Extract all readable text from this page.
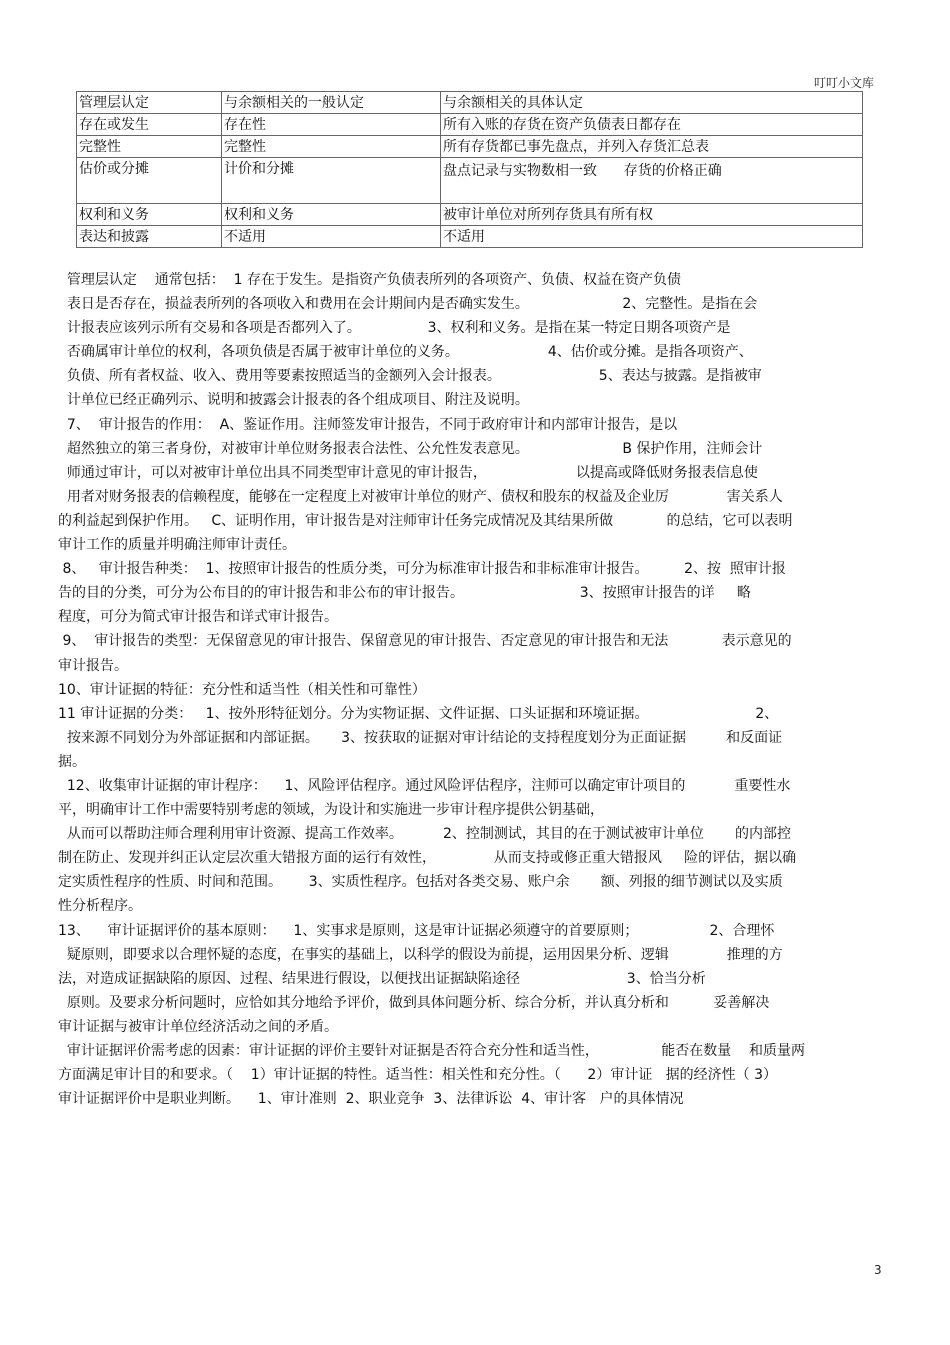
叮叮小文库
管理层认定	与余额相关的一般认定	与余额相关的具体认定
存在或发生	存在性	所有入账的存货在资产负债表日都存在
完整性	完整性	所有存货都已事先盘点，并列入存货汇总表
估价或分摊	计价和分摊	盘点记录与实物数相一致      存货的价格正确

权利和义务	权利和义务	被审计单位对所列存货具有所有权
表达和披露	不适用	不适用
管理层认定    通常包括：  1 存在于发生。是指资产负债表所列的各项资产、负债、权益在资产负债
表日是否存在，损益表所列的各项收入和费用在会计期间内是否确实发生。                     2、完整性。是指在会
计报表应该列示所有交易和各项是否都列入了。               3、权利和义务。是指在某一特定日期各项资产是
否确属审计单位的权利，各项负债是否属于被审计单位的义务。                    4、估价或分摊。是指各项资产、
负债、所有者权益、收入、费用等要素按照适当的金额列入会计报表。                      5、表达与披露。是指被审
计单位已经正确列示、说明和披露会计报表的各个组成项目、附注及说明。
7、  审计报告的作用：  A、鉴证作用。注师签发审计报告，不同于政府审计和内部审计报告，是以
超然独立的第三者身份，对被审计单位财务报表合法性、公允性发表意见。                     B 保护作用，注师会计
师通过审计，可以对被审计单位出具不同类型审计意见的审计报告，                    以提高或降低财务报表信息使
用者对财务报表的信赖程度，能够在一定程度上对被审计单位的财产、债权和股东的权益及企业厉             害关系人
的利益起到保护作用。   C、证明作用，审计报告是对注师审计任务完成情况及其结果所做            的总结，它可以表明
审计工作的质量并明确注师审计责任。
8、   审计报告种类：  1、按照审计报告的性质分类，可分为标准审计报告和非标准审计报告。        2、按  照审计报
告的目的分类，可分为公布目的的审计报告和非公布的审计报告。                          3、按照审计报告的详     略
程度，可分为简式审计报告和详式审计报告。
9、  审计报告的类型：无保留意见的审计报告、保留意见的审计报告、否定意见的审计报告和无法            表示意见的
审计报告。
10、审计证据的特征：充分性和适当性（相关性和可靠性）
11 审计证据的分类：   1、按外形特征划分。分为实物证据、文件证据、口头证据和环境证据。                        2、
按来源不同划分为外部证据和内部证据。     3、按获取的证据对审计结论的支持程度划分为正面证据         和反面证
据。
12、收集审计证据的审计程序：    1、风险评估程序。通过风险评估程序，注师可以确定审计项目的           重要性水
平，明确审计工作中需要特别考虑的领域，为设计和实施进一步审计程序提供公钥基础，
从而可以帮助注师合理利用审计资源、提高工作效率。         2、控制测试，其目的在于测试被审计单位       的内部控
制在防止、发现并纠正认定层次重大错报方面的运行有效性，             从而支持或修正重大错报风     险的评估，据以确
定实质性程序的性质、时间和范围。      3、实质性程序。包括对各类交易、账户余       额、列报的细节测试以及实质
性分析程序。
13、    审计证据评价的基本原则：    1、实事求是原则，这是审计证据必须遵守的首要原则；                2、合理怀
疑原则，即要求以合理怀疑的态度，在事实的基础上，以科学的假设为前提，运用因果分析、逻辑             推理的方
法，对造成证据缺陷的原因、过程、结果进行假设，以便找出证据缺陷途径                        3、恰当分析
原则。及要求分析问题时，应恰如其分地给予评价，做到具体问题分析、综合分析，并认真分析和          妥善解决
审计证据与被审计单位经济活动之间的矛盾。
审计证据评价需考虑的因素：审计证据的评价主要针对证据是否符合充分性和适当性，              能否在数量    和质量两
方面满足审计目的和要求。（    1）审计证据的特性。适当性：相关性和充分性。（      2）审计证   据的经济性（ 3）
审计证据评价中是职业判断。    1、审计准则  2、职业竞争  3、法律诉讼  4、审计客   户的具体情况
3
